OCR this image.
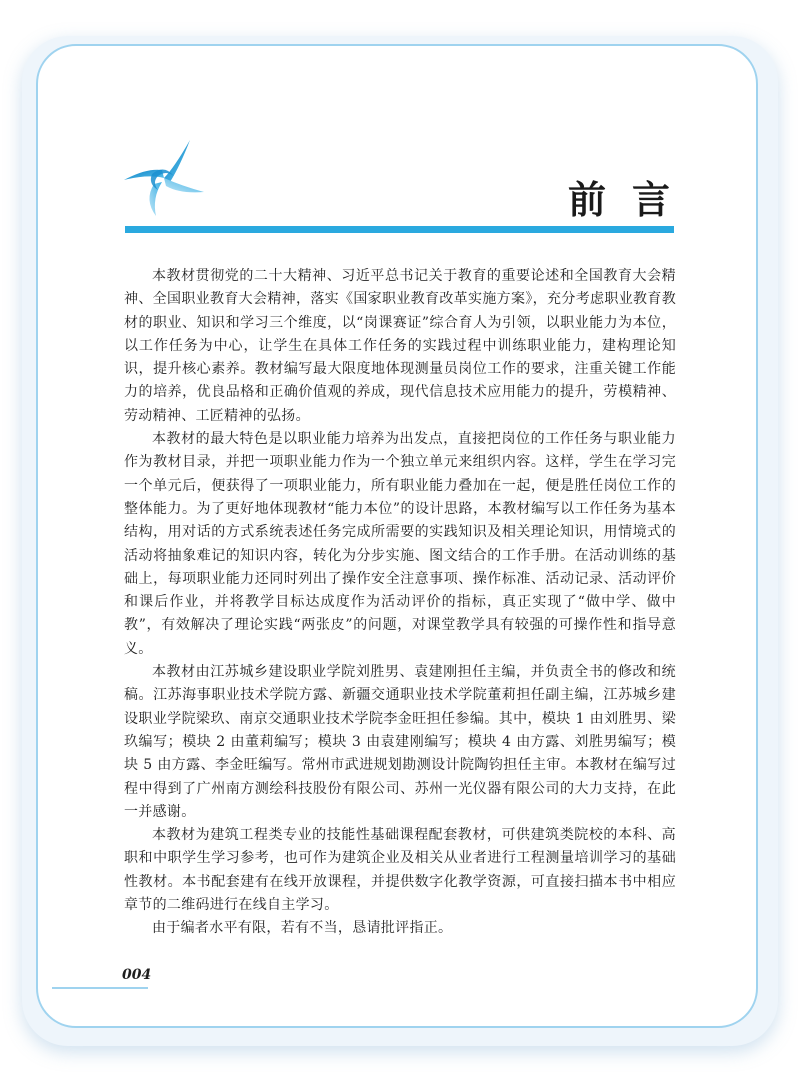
前言

本教材贯彻党的二十大精神、习近平总书记关于教育的重要论述和全国教育大会精神、全国职业教育大会精神，落实《国家职业教育改革实施方案》，充分考虑职业教育教材的职业、知识和学习三个维度，以“岗课赛证”综合育人为引领，以职业能力为本位，以工作任务为中心，让学生在具体工作任务的实践过程中训练职业能力，建构理论知识，提升核心素养。教材编写最大限度地体现测量员岗位工作的要求，注重关键工作能力的培养，优良品格和正确价值观的养成，现代信息技术应用能力的提升，劳模精神、劳动精神、工匠精神的弘扬。

本教材的最大特色是以职业能力培养为出发点，直接把岗位的工作任务与职业能力作为教材目录，并把一项职业能力作为一个独立单元来组织内容。这样，学生在学习完一个单元后，便获得了一项职业能力，所有职业能力叠加在一起，便是胜任岗位工作的整体能力。为了更好地体现教材“能力本位”的设计思路，本教材编写以工作任务为基本结构，用对话的方式系统表述任务完成所需要的实践知识及相关理论知识，用情境式的活动将抽象难记的知识内容，转化为分步实施、图文结合的工作手册。在活动训练的基础上，每项职业能力还同时列出了操作安全注意事项、操作标准、活动记录、活动评价和课后作业，并将教学目标达成度作为活动评价的指标，真正实现了“做中学、做中教”，有效解决了理论实践“两张皮”的问题，对课堂教学具有较强的可操作性和指导意义。

本教材由江苏城乡建设职业学院刘胜男、袁建刚担任主编，并负责全书的修改和统稿。江苏海事职业技术学院方露、新疆交通职业技术学院董莉担任副主编，江苏城乡建设职业学院梁玖、南京交通职业技术学院李金旺担任参编。其中，模块 1 由刘胜男、梁玖编写；模块 2 由董莉编写；模块 3 由袁建刚编写；模块 4 由方露、刘胜男编写；模块 5 由方露、李金旺编写。常州市武进规划勘测设计院陶钧担任主审。本教材在编写过程中得到了广州南方测绘科技股份有限公司、苏州一光仪器有限公司的大力支持，在此一并感谢。

本教材为建筑工程类专业的技能性基础课程配套教材，可供建筑类院校的本科、高职和中职学生学习参考，也可作为建筑企业及相关从业者进行工程测量培训学习的基础性教材。本书配套建有在线开放课程，并提供数字化教学资源，可直接扫描本书中相应章节的二维码进行在线自主学习。

由于编者水平有限，若有不当，恳请批评指正。

004
